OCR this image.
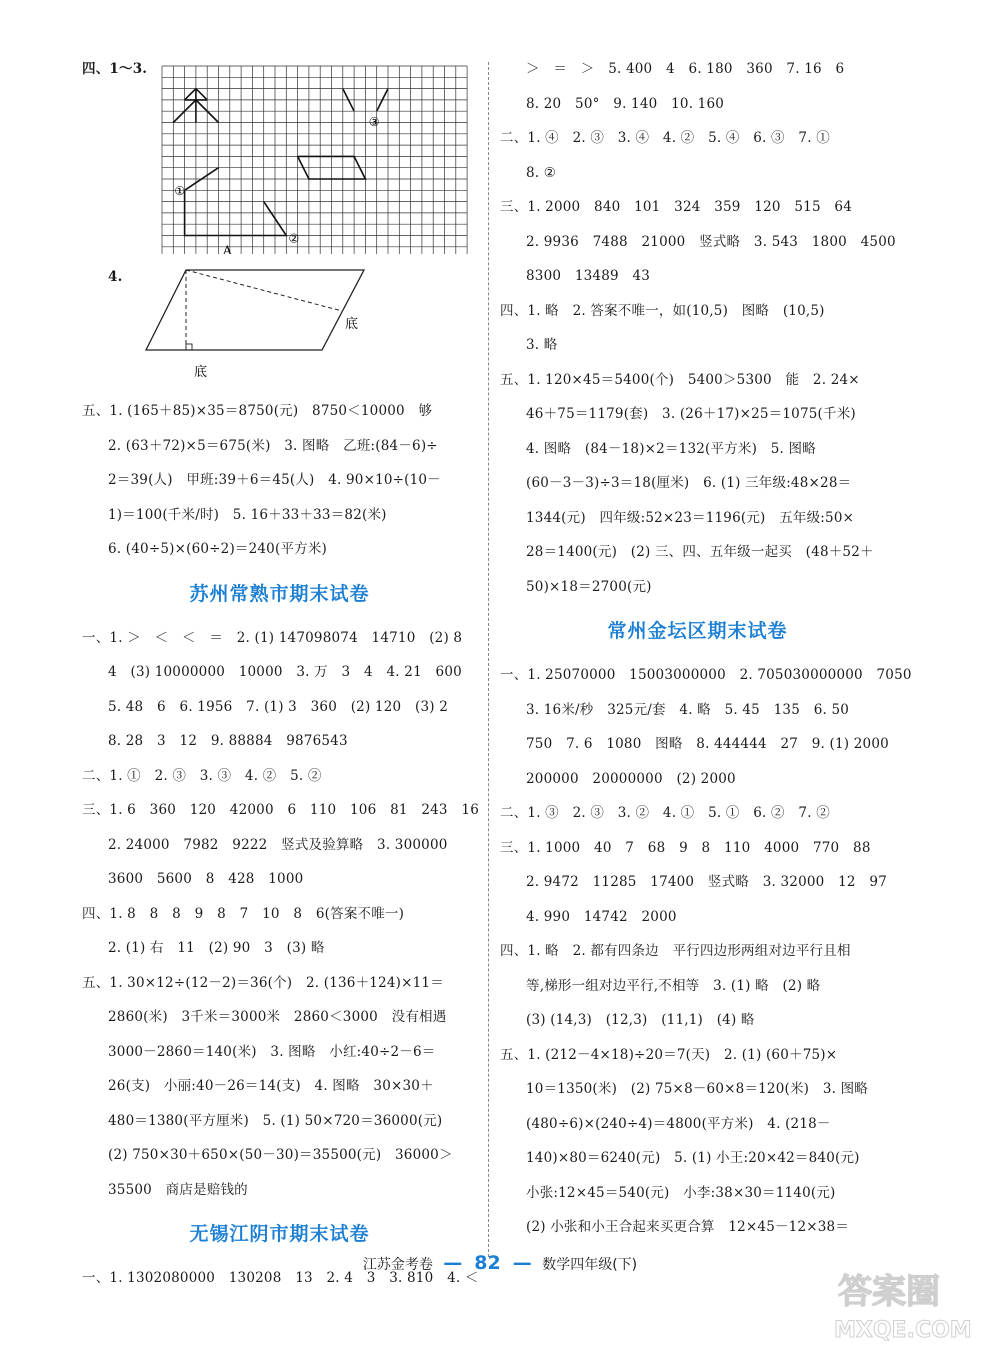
四、1～3.
①
②
③
A
4.
底
底
五、1. (165＋85)×35＝8750(元)　8750＜10000　够
2. (63＋72)×5＝675(米)　3. 图略　乙班:(84－6)÷
2＝39(人)　甲班:39＋6＝45(人)　4. 90×10÷(10－
1)＝100(千米/时)　5. 16＋33＋33＝82(米)
6. (40÷5)×(60÷2)＝240(平方米)
苏州常熟市期末试卷
一、1. ＞　＜　＜　＝　2. (1) 147098074　14710　(2) 8
4　(3) 10000000　10000　3. 万　3　4　4. 21　600
5. 48　6　6. 1956　7. (1) 3　360　(2) 120　(3) 2
8. 28　3　12　9. 88884　9876543
二、1. ①　2. ③　3. ③　4. ②　5. ②
三、1. 6　360　120　42000　6　110　106　81　243　16
2. 24000　7982　9222　竖式及验算略　3. 300000
3600　5600　8　428　1000
四、1. 8　8　8　9　8　7　10　8　6(答案不唯一)
2. (1) 右　11　(2) 90　3　(3) 略
五、1. 30×12÷(12－2)＝36(个)　2. (136＋124)×11＝
2860(米)　3千米＝3000米　2860＜3000　没有相遇
3000－2860＝140(米)　3. 图略　小红:40÷2－6＝
26(支)　小丽:40－26＝14(支)　4. 图略　30×30＋
480＝1380(平方厘米)　5. (1) 50×720＝36000(元)
(2) 750×30＋650×(50－30)＝35500(元)　36000＞
35500　商店是赔钱的
无锡江阴市期末试卷
一、1. 1302080000　130208　13　2. 4　3　3. 810　4. ＜
＞　＝　＞　5. 400　4　6. 180　360　7. 16　6
8. 20　50°　9. 140　10. 160
二、1. ④　2. ③　3. ④　4. ②　5. ④　6. ③　7. ①
8. ②
三、1. 2000　840　101　324　359　120　515　64
2. 9936　7488　21000　竖式略　3. 543　1800　4500
8300　13489　43
四、1. 略　2. 答案不唯一，如(10,5)　图略　(10,5)
3. 略
五、1. 120×45＝5400(个)　5400＞5300　能　2. 24×
46＋75＝1179(套)　3. (26＋17)×25＝1075(千米)
4. 图略　(84－18)×2＝132(平方米)　5. 图略
(60－3－3)÷3＝18(厘米)　6. (1) 三年级:48×28＝
1344(元)　四年级:52×23＝1196(元)　五年级:50×
28＝1400(元)　(2) 三、四、五年级一起买　(48＋52＋
50)×18＝2700(元)
常州金坛区期末试卷
一、1. 25070000　15003000000　2. 705030000000　7050
3. 16米/秒　325元/套　4. 略　5. 45　135　6. 50
750　7. 6　1080　图略　8. 444444　27　9. (1) 2000
200000　20000000　(2) 2000
二、1. ③　2. ③　3. ②　4. ①　5. ①　6. ②　7. ②
三、1. 1000　40　7　68　9　8　110　4000　770　88
2. 9472　11285　17400　竖式略　3. 32000　12　97
4. 990　14742　2000
四、1. 略　2. 都有四条边　平行四边形两组对边平行且相
等,梯形一组对边平行,不相等　3. (1) 略　(2) 略
(3) (14,3)　(12,3)　(11,1)　(4) 略
五、1. (212－4×18)÷20＝7(天)　2. (1) (60＋75)×
10＝1350(米)　(2) 75×8－60×8＝120(米)　3. 图略
(480÷6)×(240÷4)＝4800(平方米)　4. (218－
140)×80＝6240(元)　5. (1) 小王:20×42＝840(元)
小张:12×45＝540(元)　小李:38×30＝1140(元)
(2) 小张和小王合起来买更合算　12×45－12×38＝
江苏金考卷 — 82 — 数学四年级(下)
答案圈
MXQE.COM
